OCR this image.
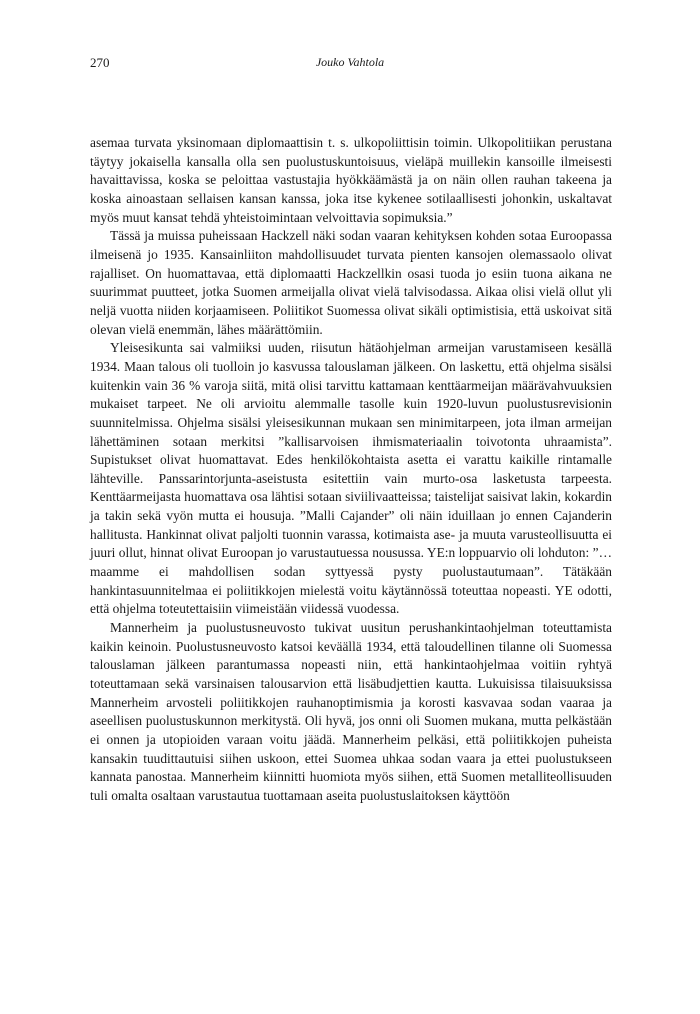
270	Jouko Vahtola

asemaa turvata yksinomaan diplomaattisin t. s. ulkopoliittisin toimin. Ulkopolitiikan perustana täytyy jokaisella kansalla olla sen puolustuskuntoisuus, vieläpä muillekin kansoille ilmeisesti havaittavissa, koska se peloittaa vastustajia hyökkäämästä ja on näin ollen rauhan takeena ja koska ainoastaan sellaisen kansan kanssa, joka itse kykenee sotilaallisesti johonkin, uskaltavat myös muut kansat tehdä yhteistoimintaan velvoittavia sopimuksia.”

Tässä ja muissa puheissaan Hackzell näki sodan vaaran kehityksen kohden sotaa Euroopassa ilmeisenä jo 1935. Kansainliiton mahdollisuudet turvata pienten kansojen olemassaolo olivat rajalliset. On huomattavaa, että diplomaatti Hackzellkin osasi tuoda jo esiin tuona aikana ne suurimmat puutteet, jotka Suomen armeijalla olivat vielä talvisodassa. Aikaa olisi vielä ollut yli neljä vuotta niiden korjaamiseen. Poliitikot Suomessa olivat sikäli optimistisia, että uskoivat sitä olevan vielä enemmän, lähes määrättömiin.

Yleisesikunta sai valmiiksi uuden, riisutun hätäohjelman armeijan varustamiseen kesällä 1934. Maan talous oli tuolloin jo kasvussa talouslaman jälkeen. On laskettu, että ohjelma sisälsi kuitenkin vain 36 % varoja siitä, mitä olisi tarvittu kattamaan kenttäarmeijan määrävahvuuksien mukaiset tarpeet. Ne oli arvioitu alemmalle tasolle kuin 1920-luvun puolustusrevisionin suunnitelmissa. Ohjelma sisälsi yleisesikunnan mukaan sen minimitarpeen, jota ilman armeijan lähettäminen sotaan merkitsi ”kallisarvoisen ihmismateriaalin toivotonta uhraamista”. Supistukset olivat huomattavat. Edes henkilökohtaista asetta ei varattu kaikille rintamalle lähteville. Panssarintorjunta-aseistusta esitettiin vain murto-osa lasketusta tarpeesta. Kenttäarmeijasta huomattava osa lähtisi sotaan siviilivaatteissa; taistelijat saisivat lakin, kokardin ja takin sekä vyön mutta ei housuja. ”Malli Cajander” oli näin iduillaan jo ennen Cajanderin hallitusta. Hankinnat olivat paljolti tuonnin varassa, kotimaista ase- ja muuta varusteollisuutta ei juuri ollut, hinnat olivat Euroopan jo varustautuessa nousussa. YE:n loppuarvio oli lohduton: ”…maamme ei mahdollisen sodan syttyessä pysty puolustautumaan”. Tätäkään hankintasuunnitelmaa ei poliitikkojen mielestä voitu käytännössä toteuttaa nopeasti. YE odotti, että ohjelma toteutettaisiin viimeistään viidessä vuodessa.

Mannerheim ja puolustusneuvosto tukivat uusitun perushankintaohjelman toteuttamista kaikin keinoin. Puolustusneuvosto katsoi keväällä 1934, että taloudellinen tilanne oli Suomessa talouslaman jälkeen parantumassa nopeasti niin, että hankintaohjelmaa voitiin ryhtyä toteuttamaan sekä varsinaisen talousarvion että lisäbudjettien kautta. Lukuisissa tilaisuuksissa Mannerheim arvosteli poliitikkojen rauhanoptimismia ja korosti kasvavaa sodan vaaraa ja aseellisen puolustuskunnon merkitystä. Oli hyvä, jos onni oli Suomen mukana, mutta pelkästään ei onnen ja utopioiden varaan voitu jäädä. Mannerheim pelkäsi, että poliitikkojen puheista kansakin tuudittautuisi siihen uskoon, ettei Suomea uhkaa sodan vaara ja ettei puolustukseen kannata panostaa. Mannerheim kiinnitti huomiota myös siihen, että Suomen metalliteollisuuden tuli omalta osaltaan varustautua tuottamaan aseita puolustuslaitoksen käyttöön
